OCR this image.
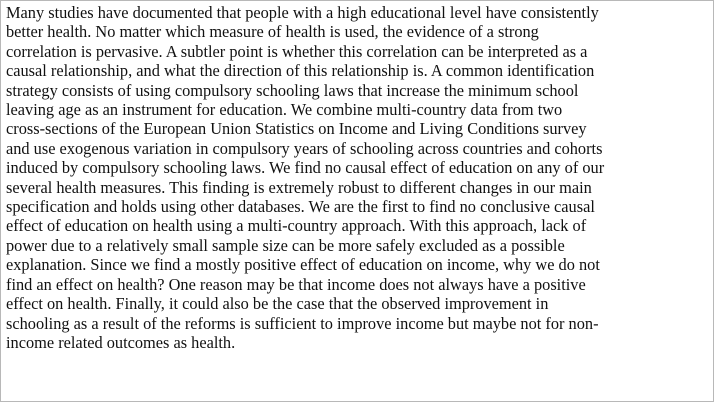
Many studies have documented that people with a high educational level have consistently
better health. No matter which measure of health is used, the evidence of a strong
correlation is pervasive. A subtler point is whether this correlation can be interpreted as a
causal relationship, and what the direction of this relationship is. A common identification
strategy consists of using compulsory schooling laws that increase the minimum school
leaving age as an instrument for education. We combine multi-country data from two
cross-sections of the European Union Statistics on Income and Living Conditions survey
and use exogenous variation in compulsory years of schooling across countries and cohorts
induced by compulsory schooling laws. We find no causal effect of education on any of our
several health measures. This finding is extremely robust to different changes in our main
specification and holds using other databases. We are the first to find no conclusive causal
effect of education on health using a multi-country approach. With this approach, lack of
power due to a relatively small sample size can be more safely excluded as a possible
explanation. Since we find a mostly positive effect of education on income, why we do not
find an effect on health? One reason may be that income does not always have a positive
effect on health. Finally, it could also be the case that the observed improvement in
schooling as a result of the reforms is sufficient to improve income but maybe not for non-
income related outcomes as health.
